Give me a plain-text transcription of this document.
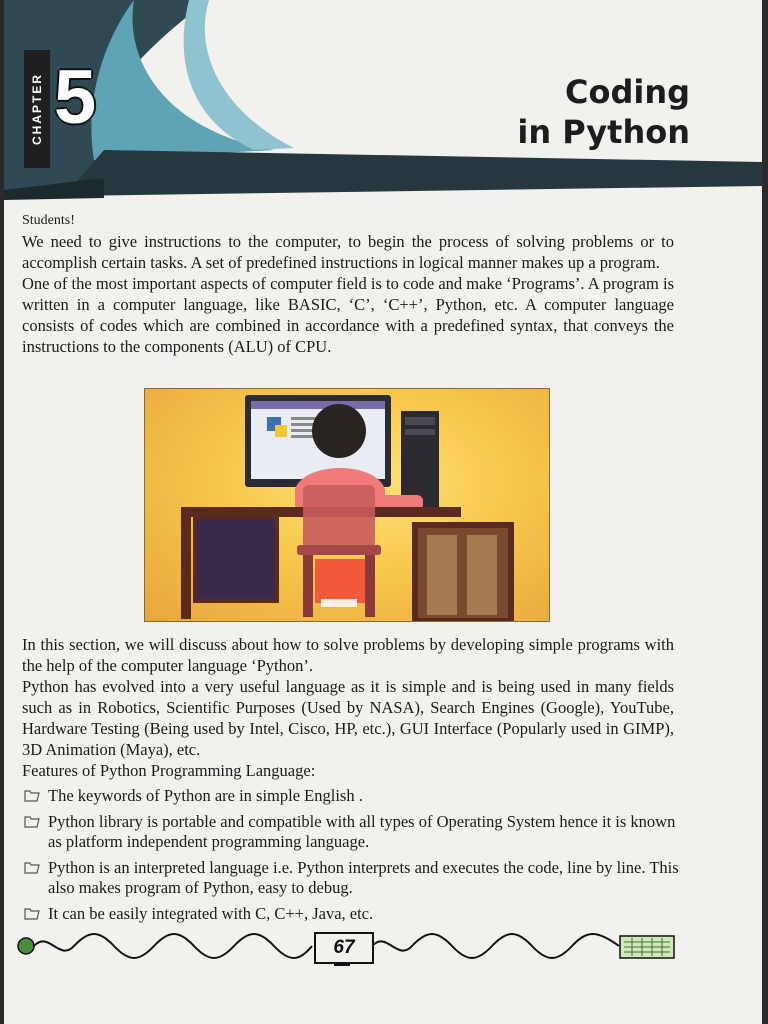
CHAPTER 5	Coding
in Python

Students!

We need to give instructions to the computer, to begin the process of solving problems or to accomplish certain tasks. A set of predefined instructions in logical manner makes up a program.

One of the most important aspects of computer field is to code and make ‘Programs’. A program is written in a computer language, like BASIC, ‘C’, ‘C++’, Python, etc. A computer language consists of codes which are combined in accordance with a predefined syntax, that conveys the instructions to the components (ALU) of CPU.

In this section, we will discuss about how to solve problems by developing simple programs with the help of the computer language ‘Python’.

Python has evolved into a very useful language as it is simple and is being used in many fields such as in Robotics, Scientific Purposes (Used by NASA), Search Engines (Google), YouTube, Hardware Testing (Being used by Intel, Cisco, HP, etc.), GUI Interface (Popularly used in GIMP), 3D Animation (Maya), etc.

Features of Python Programming Language:

The keywords of Python are in simple English .
Python library is portable and compatible with all types of Operating System hence it is known as platform independent programming language.
Python is an interpreted language i.e. Python interprets and executes the code, line by line. This also makes program of Python, easy to debug.
It can be easily integrated with C, C++, Java, etc.
67
